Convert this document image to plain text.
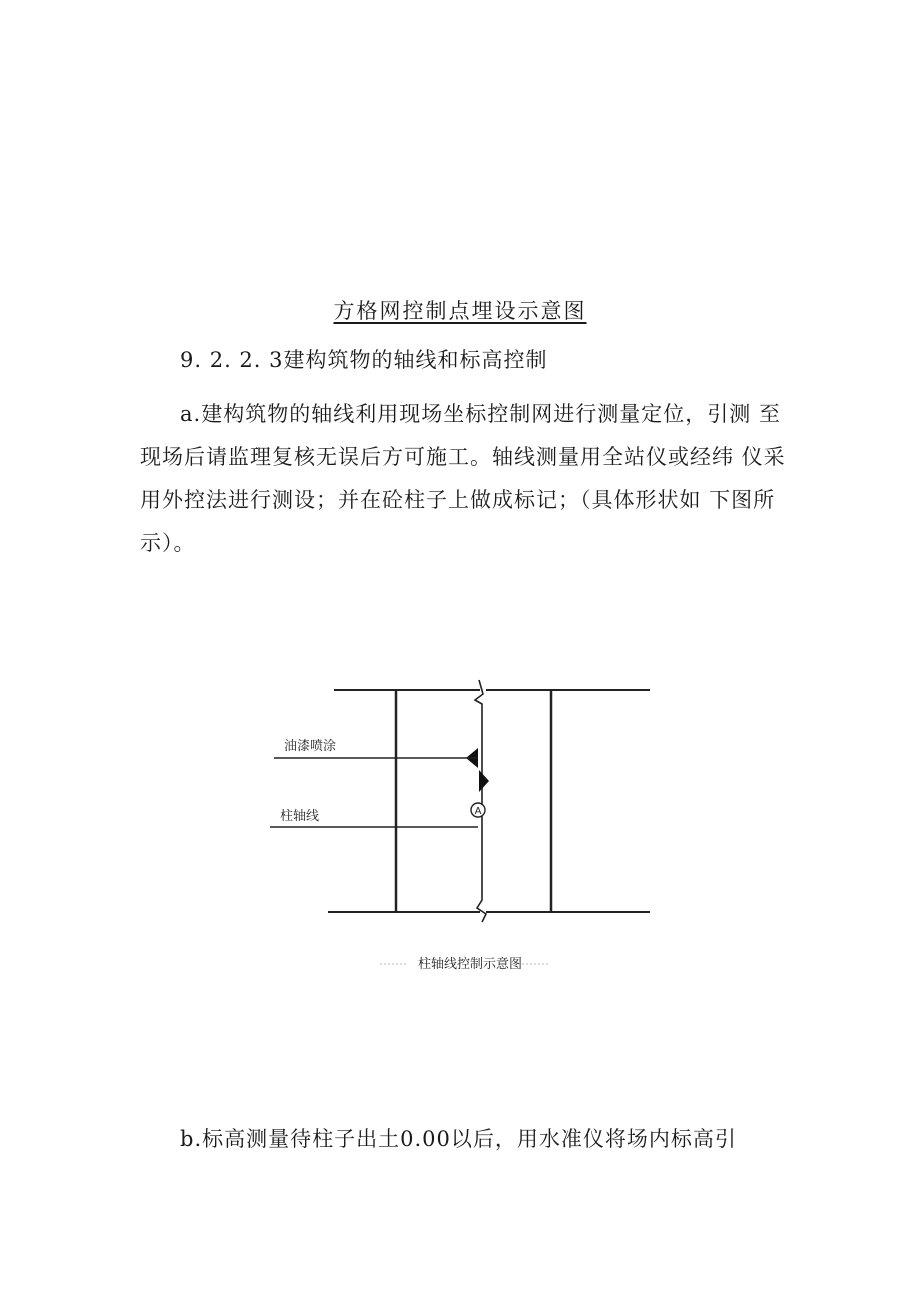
方格网控制点埋设示意图
9. 2. 2. 3建构筑物的轴线和标高控制
a.建构筑物的轴线利用现场坐标控制网进行测量定位，引测 至
现场后请监理复核无误后方可施工。轴线测量用全站仪或经纬 仪采
用外控法进行测设；并在砼柱子上做成标记；（具体形状如 下图所
示）。
A
油漆喷涂
柱轴线
柱轴线控制示意图
b.标高测量待柱子出土0.00以后，用水准仪将场内标高引
